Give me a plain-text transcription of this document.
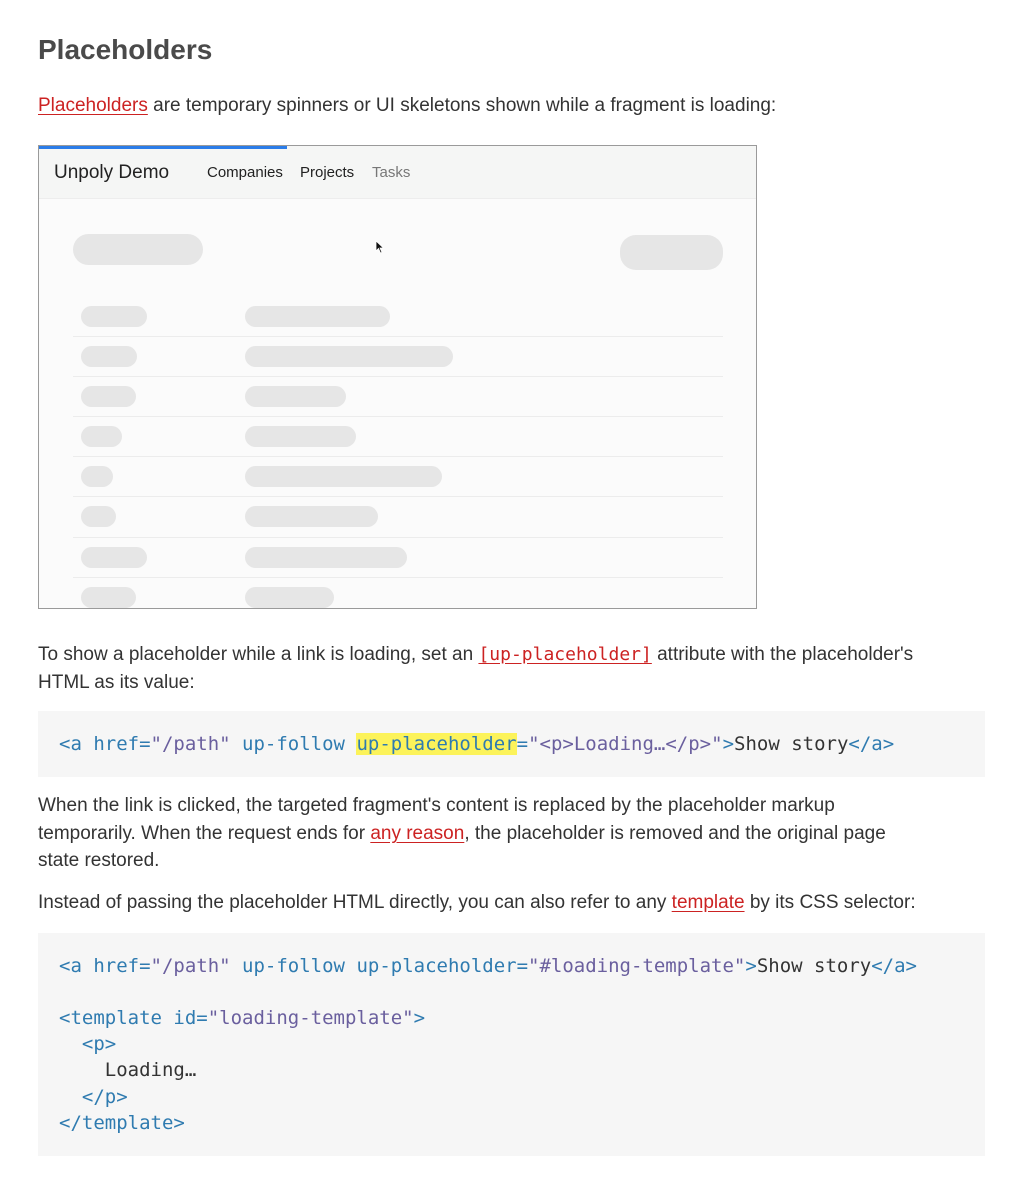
Placeholders

Placeholders are temporary spinners or UI skeletons shown while a fragment is loading:

Unpoly Demo	Companies Projects Tasks

To show a placeholder while a link is loading, set an [up-placeholder] attribute with the placeholder's

HTML as its value:

<a href="/path" up-follow up-placeholder="<p>Loading…</p>">Show story</a>

When the link is clicked, the targeted fragment's content is replaced by the placeholder markup

temporarily. When the request ends for any reason, the placeholder is removed and the original page

state restored.

Instead of passing the placeholder HTML directly, you can also refer to any template by its CSS selector:

<a href="/path" up-follow up-placeholder="#loading-template">Show story</a>

<template id="loading-template">

<p>

Loading…

</p>

</template>
